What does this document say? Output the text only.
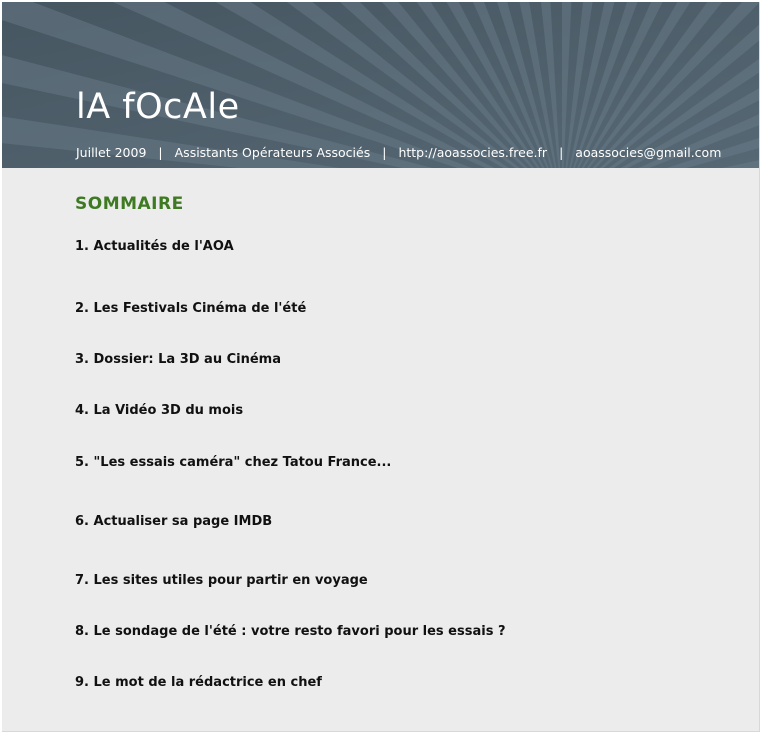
lA fOcAle
Juillet 2009 | Assistants Opérateurs Associés | http://aoassocies.free.fr | aoassocies@gmail.com
SOMMAIRE
1. Actualités de l'AOA
2. Les Festivals Cinéma de l'été
3. Dossier: La 3D au Cinéma
4. La Vidéo 3D du mois
5. "Les essais caméra" chez Tatou France...
6. Actualiser sa page IMDB
7. Les sites utiles pour partir en voyage
8. Le sondage de l'été : votre resto favori pour les essais ?
9. Le mot de la rédactrice en chef
